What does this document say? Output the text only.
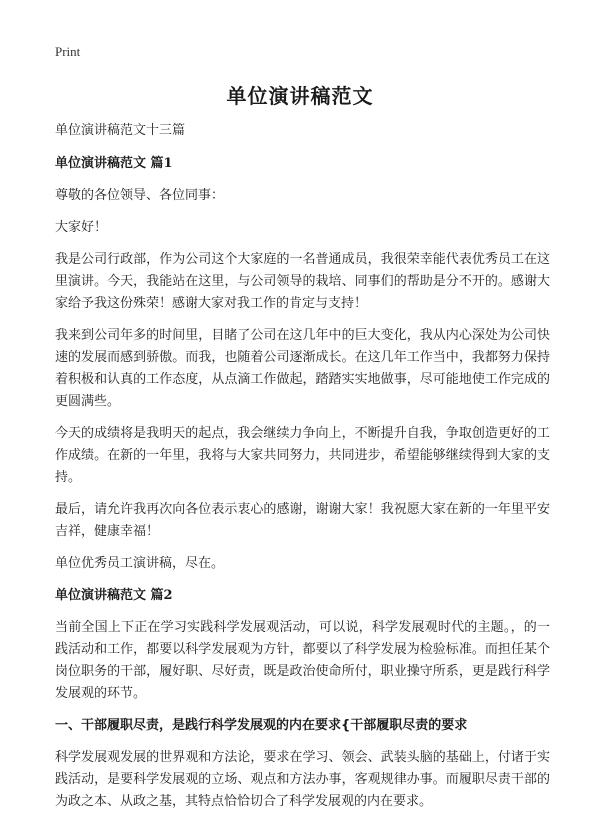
Print
单位演讲稿范文

单位演讲稿范文十三篇

单位演讲稿范文 篇1

尊敬的各位领导、各位同事：

大家好！

我是公司行政部，作为公司这个大家庭的一名普通成员，我很荣幸能代表优秀员工在这里演讲。今天，我能站在这里，与公司领导的栽培、同事们的帮助是分不开的。感谢大家给予我这份殊荣！感谢大家对我工作的肯定与支持！

我来到公司年多的时间里，目睹了公司在这几年中的巨大变化，我从内心深处为公司快速的发展而感到骄傲。而我，也随着公司逐渐成长。在这几年工作当中，我都努力保持着积极和认真的工作态度，从点滴工作做起，踏踏实实地做事，尽可能地使工作完成的更圆满些。

今天的成绩将是我明天的起点，我会继续力争向上，不断提升自我，争取创造更好的工作成绩。在新的一年里，我将与大家共同努力，共同进步，希望能够继续得到大家的支持。

最后，请允许我再次向各位表示衷心的感谢，谢谢大家！我祝愿大家在新的一年里平安吉祥，健康幸福！

单位优秀员工演讲稿，尽在。

单位演讲稿范文 篇2

当前全国上下正在学习实践科学发展观活动，可以说，科学发展观时代的主题。，的一践活动和工作，都要以科学发展观为方针，都要以了科学发展为检验标准。而担任某个岗位职务的干部，履好职、尽好责，既是政治使命所付，职业操守所系，更是践行科学发展观的环节。

一、干部履职尽责，是践行科学发展观的内在要求{干部履职尽责的要求

科学发展观发展的世界观和方法论，要求在学习、领会、武装头脑的基础上，付诸于实践活动，是要科学发展观的立场、观点和方法办事，客观规律办事。而履职尽责干部的为政之本、从政之基，其特点恰恰切合了科学发展观的内在要求。
